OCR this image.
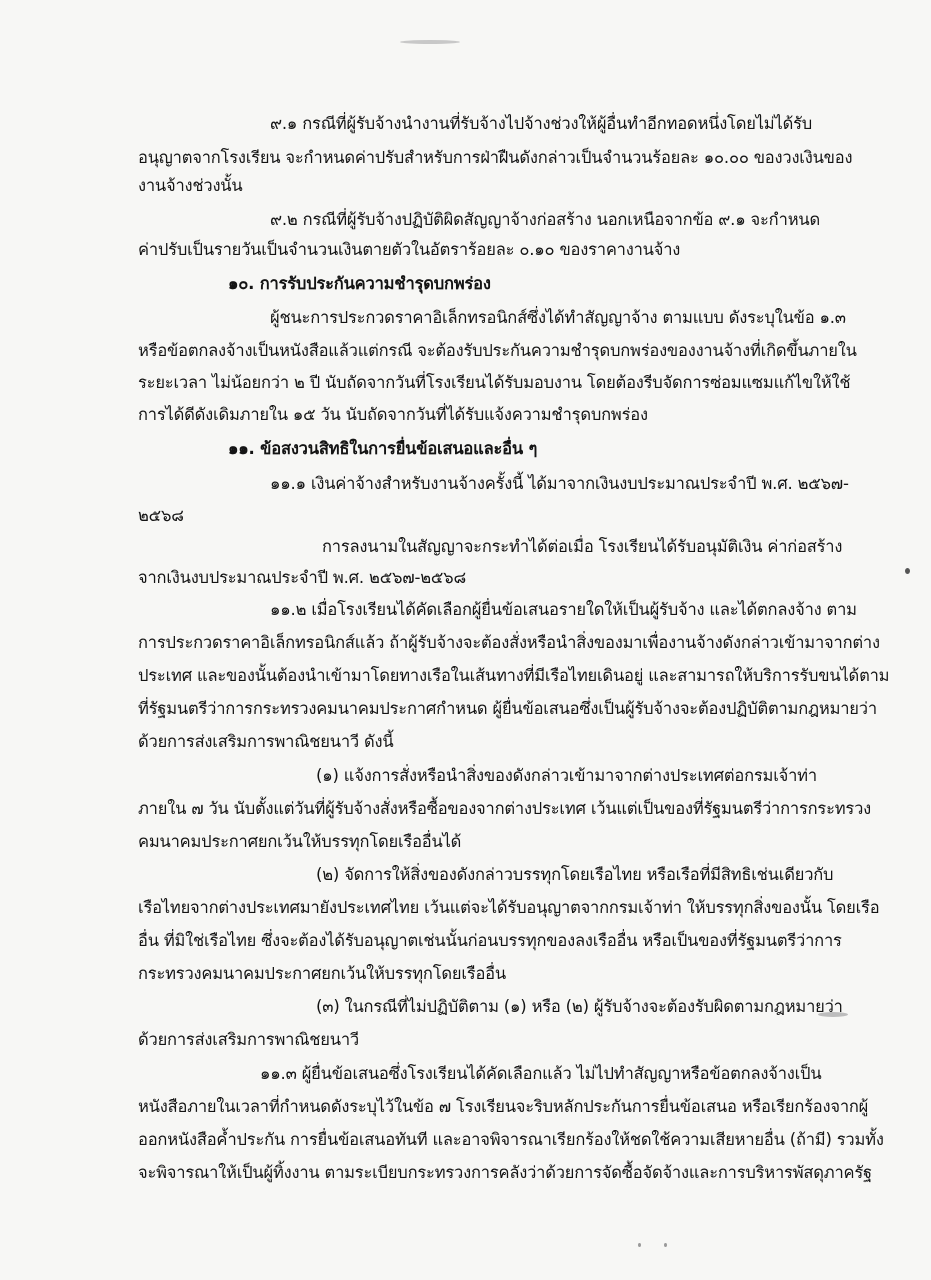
๙.๑ กรณีที่ผู้รับจ้างนำงานที่รับจ้างไปจ้างช่วงให้ผู้อื่นทำอีกทอดหนึ่งโดยไม่ได้รับ
อนุญาตจากโรงเรียน จะกำหนดค่าปรับสำหรับการฝ่าฝืนดังกล่าวเป็นจำนวนร้อยละ ๑๐.๐๐ ของวงเงินของ
งานจ้างช่วงนั้น
๙.๒ กรณีที่ผู้รับจ้างปฏิบัติผิดสัญญาจ้างก่อสร้าง นอกเหนือจากข้อ ๙.๑ จะกำหนด
ค่าปรับเป็นรายวันเป็นจำนวนเงินตายตัวในอัตราร้อยละ ๐.๑๐ ของราคางานจ้าง
๑๐. การรับประกันความชำรุดบกพร่อง
ผู้ชนะการประกวดราคาอิเล็กทรอนิกส์ซึ่งได้ทำสัญญาจ้าง ตามแบบ ดังระบุในข้อ ๑.๓
หรือข้อตกลงจ้างเป็นหนังสือแล้วแต่กรณี จะต้องรับประกันความชำรุดบกพร่องของงานจ้างที่เกิดขึ้นภายใน
ระยะเวลา ไม่น้อยกว่า ๒ ปี นับถัดจากวันที่โรงเรียนได้รับมอบงาน โดยต้องรีบจัดการซ่อมแซมแก้ไขให้ใช้
การได้ดีดังเดิมภายใน ๑๕ วัน นับถัดจากวันที่ได้รับแจ้งความชำรุดบกพร่อง
๑๑. ข้อสงวนสิทธิในการยื่นข้อเสนอและอื่น ๆ
๑๑.๑ เงินค่าจ้างสำหรับงานจ้างครั้งนี้ ได้มาจากเงินงบประมาณประจำปี พ.ศ. ๒๕๖๗-
๒๕๖๘
การลงนามในสัญญาจะกระทำได้ต่อเมื่อ โรงเรียนได้รับอนุมัติเงิน ค่าก่อสร้าง
จากเงินงบประมาณประจำปี พ.ศ. ๒๕๖๗-๒๕๖๘
๑๑.๒ เมื่อโรงเรียนได้คัดเลือกผู้ยื่นข้อเสนอรายใดให้เป็นผู้รับจ้าง และได้ตกลงจ้าง ตาม
การประกวดราคาอิเล็กทรอนิกส์แล้ว ถ้าผู้รับจ้างจะต้องสั่งหรือนำสิ่งของมาเพื่องานจ้างดังกล่าวเข้ามาจากต่าง
ประเทศ และของนั้นต้องนำเข้ามาโดยทางเรือในเส้นทางที่มีเรือไทยเดินอยู่ และสามารถให้บริการรับขนได้ตาม
ที่รัฐมนตรีว่าการกระทรวงคมนาคมประกาศกำหนด ผู้ยื่นข้อเสนอซึ่งเป็นผู้รับจ้างจะต้องปฏิบัติตามกฎหมายว่า
ด้วยการส่งเสริมการพาณิชยนาวี ดังนี้
(๑) แจ้งการสั่งหรือนำสิ่งของดังกล่าวเข้ามาจากต่างประเทศต่อกรมเจ้าท่า
ภายใน ๗ วัน นับตั้งแต่วันที่ผู้รับจ้างสั่งหรือซื้อของจากต่างประเทศ เว้นแต่เป็นของที่รัฐมนตรีว่าการกระทรวง
คมนาคมประกาศยกเว้นให้บรรทุกโดยเรืออื่นได้
(๒) จัดการให้สิ่งของดังกล่าวบรรทุกโดยเรือไทย หรือเรือที่มีสิทธิเช่นเดียวกับ
เรือไทยจากต่างประเทศมายังประเทศไทย เว้นแต่จะได้รับอนุญาตจากกรมเจ้าท่า ให้บรรทุกสิ่งของนั้น โดยเรือ
อื่น ที่มิใช่เรือไทย ซึ่งจะต้องได้รับอนุญาตเช่นนั้นก่อนบรรทุกของลงเรืออื่น หรือเป็นของที่รัฐมนตรีว่าการ
กระทรวงคมนาคมประกาศยกเว้นให้บรรทุกโดยเรืออื่น
(๓) ในกรณีที่ไม่ปฏิบัติตาม (๑) หรือ (๒) ผู้รับจ้างจะต้องรับผิดตามกฎหมายว่า
ด้วยการส่งเสริมการพาณิชยนาวี
๑๑.๓ ผู้ยื่นข้อเสนอซึ่งโรงเรียนได้คัดเลือกแล้ว ไม่ไปทำสัญญาหรือข้อตกลงจ้างเป็น
หนังสือภายในเวลาที่กำหนดดังระบุไว้ในข้อ ๗ โรงเรียนจะริบหลักประกันการยื่นข้อเสนอ หรือเรียกร้องจากผู้
ออกหนังสือค้ำประกัน การยื่นข้อเสนอทันที และอาจพิจารณาเรียกร้องให้ชดใช้ความเสียหายอื่น (ถ้ามี) รวมทั้ง
จะพิจารณาให้เป็นผู้ทิ้งงาน ตามระเบียบกระทรวงการคลังว่าด้วยการจัดซื้อจัดจ้างและการบริหารพัสดุภาครัฐ
